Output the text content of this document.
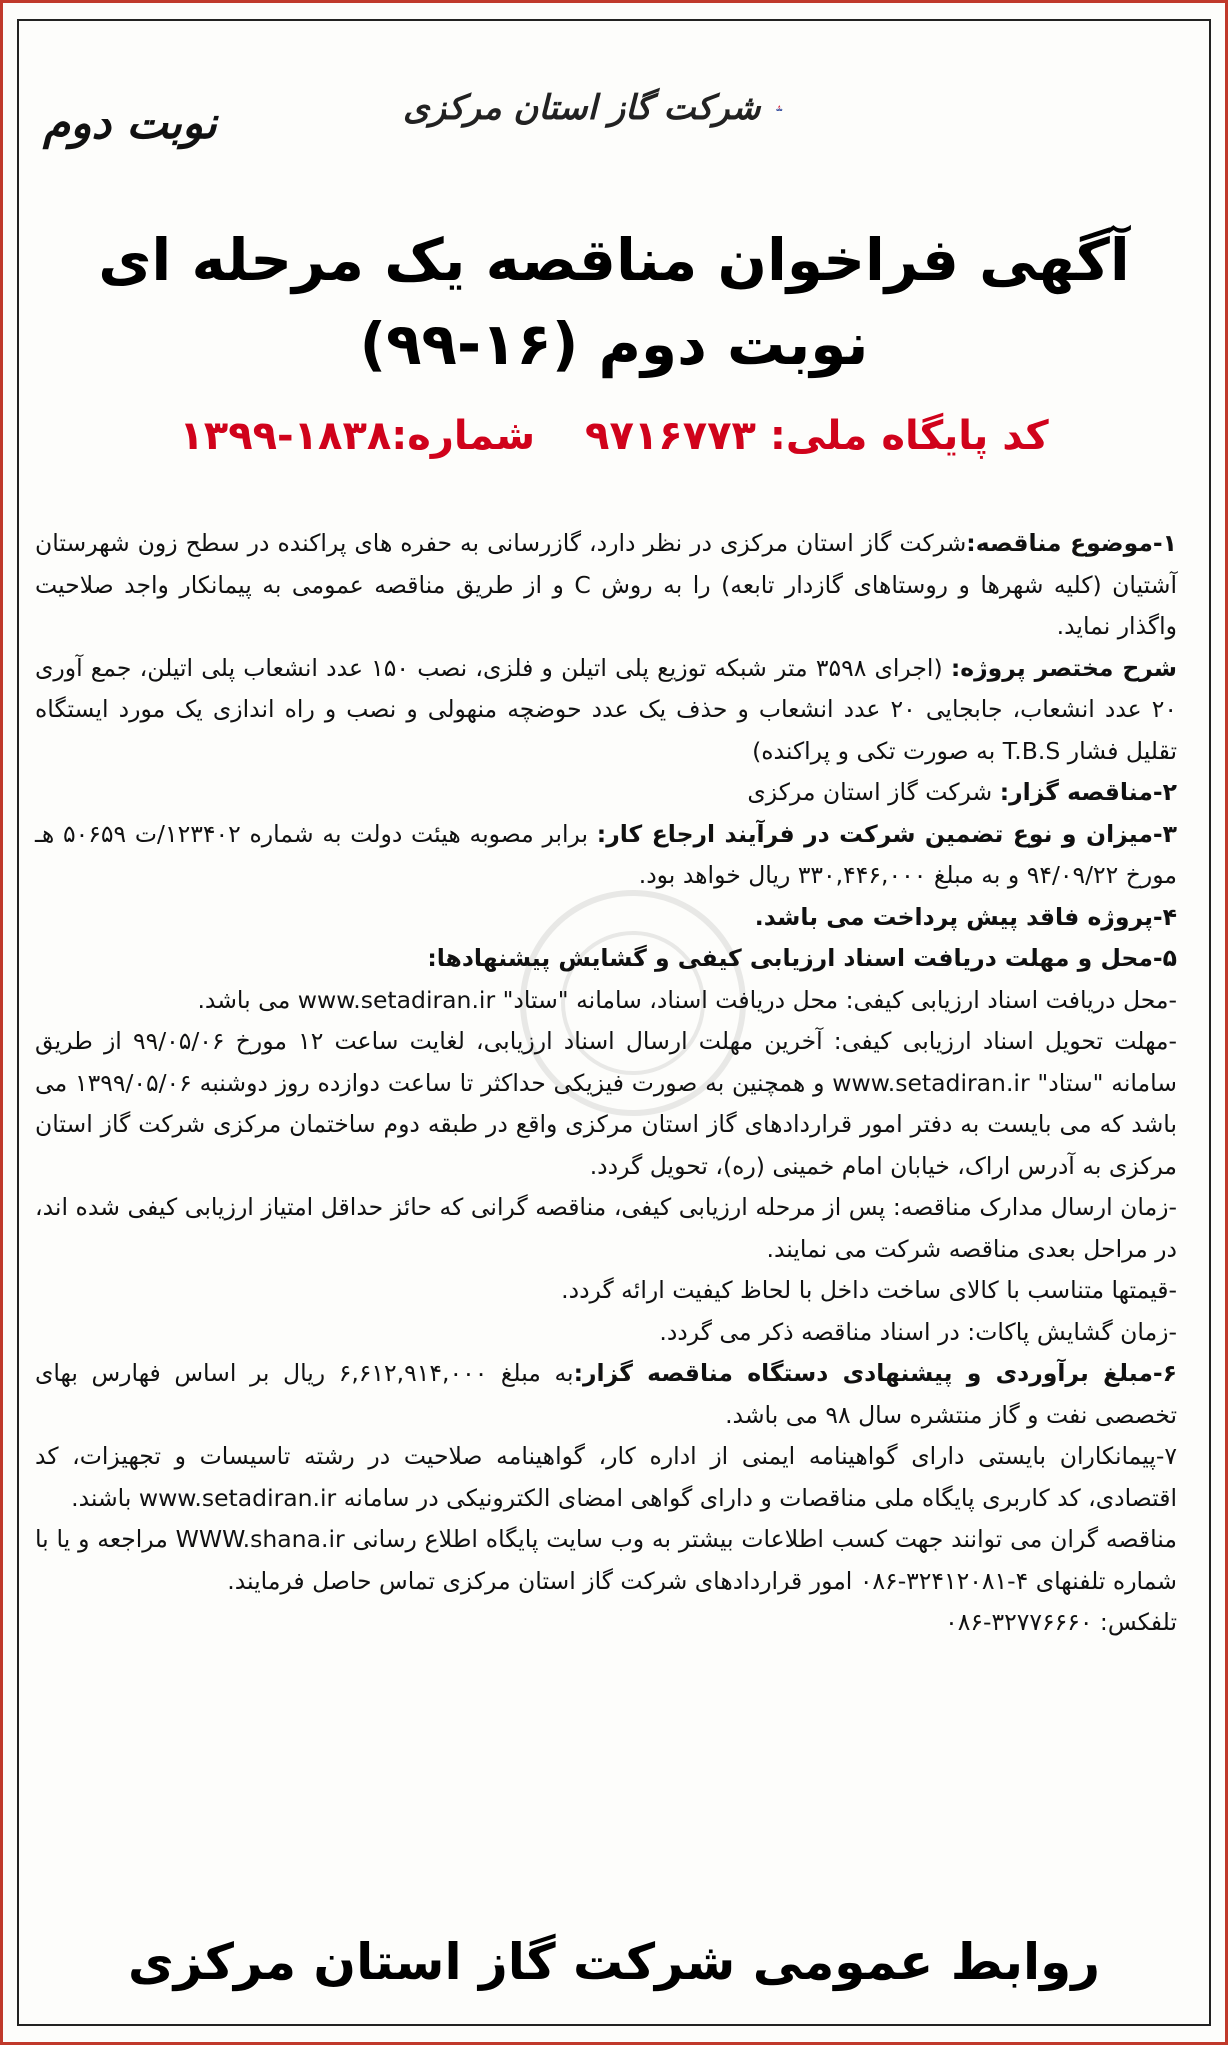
نوبت دوم	شرکت گاز استان مرکزی
آگهی فراخوان مناقصه یک مرحله ای
نوبت دوم (۱۶-۹۹)
کد پایگاه ملی: ۹۷۱۶۷۷۳ شماره:۱۸۳۸-۱۳۹۹

۱-موضوع مناقصه:شرکت گاز استان مرکزی در نظر دارد، گازرسانی به حفره های پراکنده در سطح زون شهرستان آشتیان (کلیه شهرها و روستاهای گازدار تابعه) را به روش C و از طریق مناقصه عمومی به پیمانکار واجد صلاحیت واگذار نماید.

شرح مختصر پروژه: (اجرای ۳۵۹۸ متر شبکه توزیع پلی اتیلن و فلزی، نصب ۱۵۰ عدد انشعاب پلی اتیلن، جمع آوری ۲۰ عدد انشعاب، جابجایی ۲۰ عدد انشعاب و حذف یک عدد حوضچه منهولی و نصب و راه اندازی یک مورد ایستگاه تقلیل فشار T.B.S به صورت تکی و پراکنده)

۲-مناقصه گزار: شرکت گاز استان مرکزی

۳-میزان و نوع تضمین شرکت در فرآیند ارجاع کار: برابر مصوبه هیئت دولت به شماره ۱۲۳۴۰۲/ت ۵۰۶۵۹ هـ مورخ ۹۴/۰۹/۲۲ و به مبلغ ۳۳۰,۴۴۶,۰۰۰ ریال خواهد بود.

۴-پروژه فاقد پیش پرداخت می باشد.

۵-محل و مهلت دریافت اسناد ارزیابی کیفی و گشایش پیشنهادها:

-محل دریافت اسناد ارزیابی کیفی: محل دریافت اسناد، سامانه "ستاد" www.setadiran.ir می باشد.

-مهلت تحویل اسناد ارزیابی کیفی: آخرین مهلت ارسال اسناد ارزیابی، لغایت ساعت ۱۲ مورخ ۹۹/۰۵/۰۶ از طریق سامانه "ستاد" www.setadiran.ir و همچنین به صورت فیزیکی حداکثر تا ساعت دوازده روز دوشنبه ۱۳۹۹/۰۵/۰۶ می باشد که می بایست به دفتر امور قراردادهای گاز استان مرکزی واقع در طبقه دوم ساختمان مرکزی شرکت گاز استان مرکزی به آدرس اراک، خیابان امام خمینی (ره)، تحویل گردد.

-زمان ارسال مدارک مناقصه: پس از مرحله ارزیابی کیفی، مناقصه گرانی که حائز حداقل امتیاز ارزیابی کیفی شده اند، در مراحل بعدی مناقصه شرکت می نمایند.

-قیمتها متناسب با کالای ساخت داخل با لحاظ کیفیت ارائه گردد.

-زمان گشایش پاکات: در اسناد مناقصه ذکر می گردد.

۶-مبلغ برآوردی و پیشنهادی دستگاه مناقصه گزار:به مبلغ ۶,۶۱۲,۹۱۴,۰۰۰ ریال بر اساس فهارس بهای تخصصی نفت و گاز منتشره سال ۹۸ می باشد.

۷-پیمانکاران بایستی دارای گواهینامه ایمنی از اداره کار، گواهینامه صلاحیت در رشته تاسیسات و تجهیزات، کد اقتصادی، کد کاربری پایگاه ملی مناقصات و دارای گواهی امضای الکترونیکی در سامانه www.setadiran.ir باشند.

مناقصه گران می توانند جهت کسب اطلاعات بیشتر به وب سایت پایگاه اطلاع رسانی WWW.shana.ir مراجعه و یا با شماره تلفنهای ۴-۳۲۴۱۲۰۸۱-۰۸۶ امور قراردادهای شرکت گاز استان مرکزی تماس حاصل فرمایند.

تلفکس: ۳۲۷۷۶۶۶۰-۰۸۶

روابط عمومی شرکت گاز استان مرکزی
